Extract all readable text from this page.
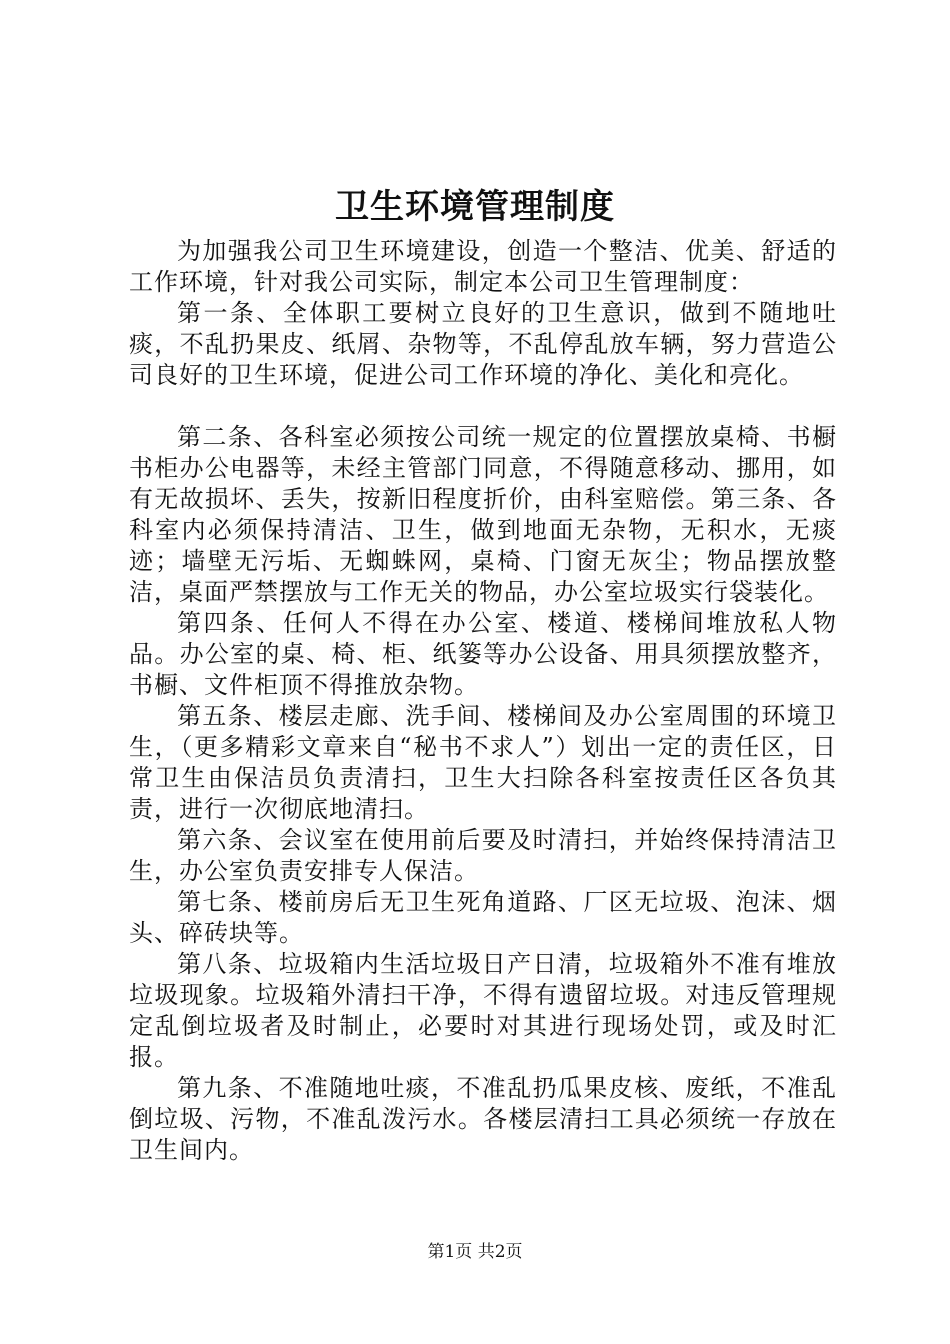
卫生环境管理制度

为加强我公司卫生环境建设，创造一个整洁、优美、舒适的工作环境，针对我公司实际，制定本公司卫生管理制度：

第一条、全体职工要树立良好的卫生意识，做到不随地吐痰，不乱扔果皮、纸屑、杂物等，不乱停乱放车辆，努力营造公司良好的卫生环境，促进公司工作环境的净化、美化和亮化。

第二条、各科室必须按公司统一规定的位置摆放桌椅、书橱书柜办公电器等，未经主管部门同意，不得随意移动、挪用，如有无故损坏、丢失，按新旧程度折价，由科室赔偿。第三条、各科室内必须保持清洁、卫生，做到地面无杂物，无积水，无痰迹；墙壁无污垢、无蜘蛛网，桌椅、门窗无灰尘；物品摆放整洁，桌面严禁摆放与工作无关的物品，办公室垃圾实行袋装化。

第四条、任何人不得在办公室、楼道、楼梯间堆放私人物品。办公室的桌、椅、柜、纸篓等办公设备、用具须摆放整齐，书橱、文件柜顶不得推放杂物。

第五条、楼层走廊、洗手间、楼梯间及办公室周围的环境卫生，（更多精彩文章来自“秘书不求人”）划出一定的责任区，日常卫生由保洁员负责清扫，卫生大扫除各科室按责任区各负其责，进行一次彻底地清扫。

第六条、会议室在使用前后要及时清扫，并始终保持清洁卫生，办公室负责安排专人保洁。

第七条、楼前房后无卫生死角道路、厂区无垃圾、泡沫、烟头、碎砖块等。

第八条、垃圾箱内生活垃圾日产日清，垃圾箱外不准有堆放垃圾现象。垃圾箱外清扫干净，不得有遗留垃圾。对违反管理规定乱倒垃圾者及时制止，必要时对其进行现场处罚，或及时汇报。

第九条、不准随地吐痰，不准乱扔瓜果皮核、废纸，不准乱倒垃圾、污物，不准乱泼污水。各楼层清扫工具必须统一存放在卫生间内。

第1页 共2页
